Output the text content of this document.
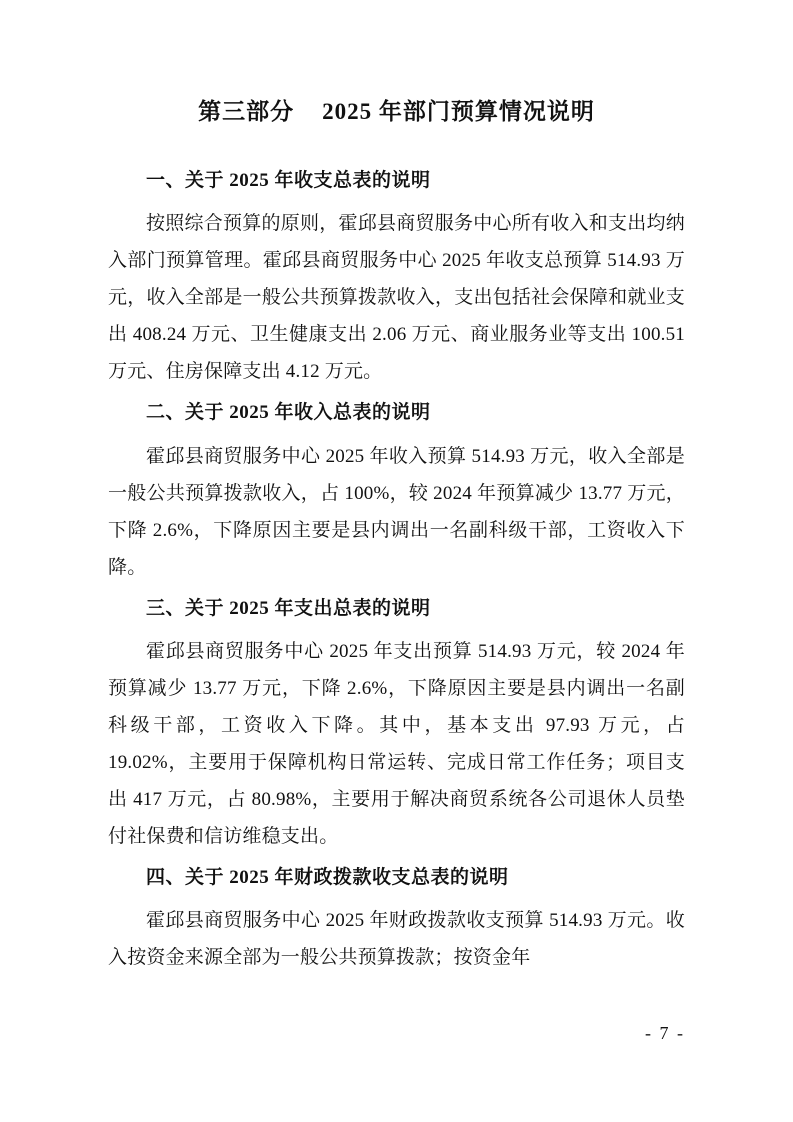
第三部分 2025 年部门预算情况说明
一、关于 2025 年收支总表的说明

按照综合预算的原则，霍邱县商贸服务中心所有收入和支出均纳入部门预算管理。霍邱县商贸服务中心 2025 年收支总预算 514.93 万元，收入全部是一般公共预算拨款收入，支出包括社会保障和就业支出 408.24 万元、卫生健康支出 2.06 万元、商业服务业等支出 100.51 万元、住房保障支出 4.12 万元。

二、关于 2025 年收入总表的说明

霍邱县商贸服务中心 2025 年收入预算 514.93 万元，收入全部是一般公共预算拨款收入，占 100%，较 2024 年预算减少 13.77 万元，下降 2.6%，下降原因主要是县内调出一名副科级干部，工资收入下降。

三、关于 2025 年支出总表的说明

霍邱县商贸服务中心 2025 年支出预算 514.93 万元，较 2024 年预算减少 13.77 万元，下降 2.6%，下降原因主要是县内调出一名副科级干部，工资收入下降。其中，基本支出 97.93 万元，占 19.02%，主要用于保障机构日常运转、完成日常工作任务；项目支出 417 万元，占 80.98%，主要用于解决商贸系统各公司退休人员垫付社保费和信访维稳支出。

四、关于 2025 年财政拨款收支总表的说明

霍邱县商贸服务中心 2025 年财政拨款收支预算 514.93 万元。收入按资金来源全部为一般公共预算拨款；按资金年

- 7 -
